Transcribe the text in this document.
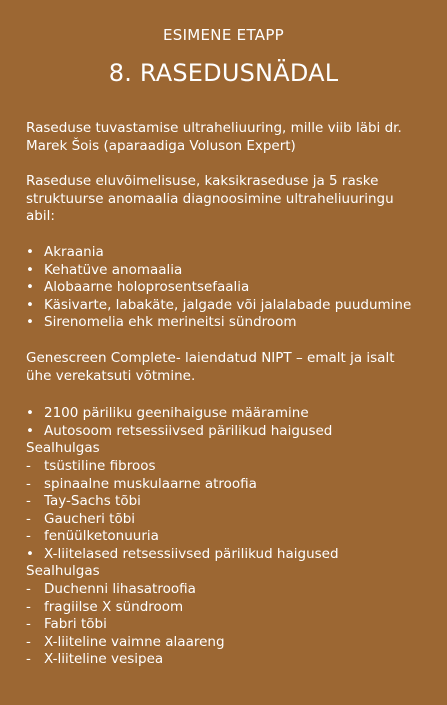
ESIMENE ETAPP
8. RASEDUSNÄDAL

Raseduse tuvastamise ultraheliuuring, mille viib läbi dr. Marek Šois (aparaadiga Voluson Expert)

Raseduse eluvõimelisuse, kaksikraseduse ja 5 raske struktuurse anomaalia diagnoosimine ultraheliuuringu abil:

• Akraania
• Kehatüve anomaalia
• Alobaarne holoprosentsefaalia
• Käsivarte, labakäte, jalgade või jalalabade puudumine
• Sirenomelia ehk merineitsi sündroom

Genescreen Complete- laiendatud NIPT – emalt ja isalt ühe verekatsuti võtmine.

• 2100 päriliku geenihaiguse määramine
• Autosoom retsessiivsed pärilikud haigused
Sealhulgas
- tsüstiline fibroos
- spinaalne muskulaarne atroofia
- Tay-Sachs tõbi
- Gaucheri tõbi
- fenüülketonuuria
• X-liitelased retsessiivsed pärilikud haigused
Sealhulgas
- Duchenni lihasatroofia
- fragiilse X sündroom
- Fabri tõbi
- X-liiteline vaimne alaareng
- X-liiteline vesipea
